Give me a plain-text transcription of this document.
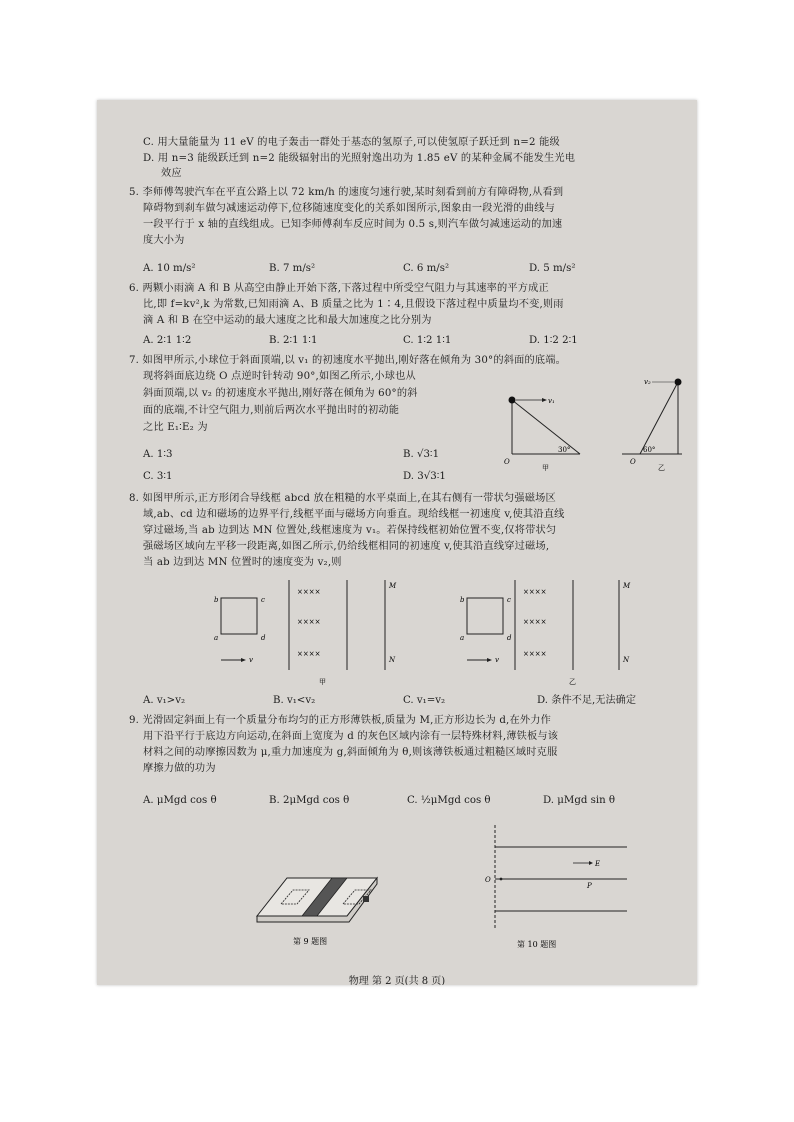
C. 用大量能量为 11 eV 的电子轰击一群处于基态的氢原子,可以使氢原子跃迁到 n=2 能级
D. 用 n=3 能级跃迁到 n=2 能级辐射出的光照射逸出功为 1.85 eV 的某种金属不能发生光电
效应
5. 李师傅驾驶汽车在平直公路上以 72 km/h 的速度匀速行驶,某时刻看到前方有障碍物,从看到
障碍物到刹车做匀减速运动停下,位移随速度变化的关系如图所示,图象由一段光滑的曲线与
一段平行于 x 轴的直线组成。已知李师傅刹车反应时间为 0.5 s,则汽车做匀减速运动的加速
度大小为
A. 10 m/s²	B. 7 m/s²	C. 6 m/s²	D. 5 m/s²
6. 两颗小雨滴 A 和 B 从高空由静止开始下落,下落过程中所受空气阻力与其速率的平方成正
比,即 f=kv²,k 为常数,已知雨滴 A、B 质量之比为 1∶4,且假设下落过程中质量均不变,则雨
滴 A 和 B 在空中运动的最大速度之比和最大加速度之比分别为
A. 2∶1 1∶2	B. 2∶1 1∶1	C. 1∶2 1∶1	D. 1∶2 2∶1
7. 如图甲所示,小球位于斜面顶端,以 v₁ 的初速度水平抛出,刚好落在倾角为 30°的斜面的底端。
现将斜面底边绕 O 点逆时针转动 90°,如图乙所示,小球也从
斜面顶端,以 v₂ 的初速度水平抛出,刚好落在倾角为 60°的斜
面的底端,不计空气阻力,则前后两次水平抛出时的初动能
之比 E₁∶E₂ 为
A. 1∶3	B. √3∶1
C. 3∶1	D. 3√3∶1
v₁
30°
O
甲
v₂
60°
O
乙
8. 如图甲所示,正方形闭合导线框 abcd 放在粗糙的水平桌面上,在其右侧有一带状匀强磁场区
域,ab、cd 边和磁场的边界平行,线框平面与磁场方向垂直。现给线框一初速度 v,使其沿直线
穿过磁场,当 ab 边到达 MN 位置处,线框速度为 v₁。若保持线框初始位置不变,仅将带状匀
强磁场区域向左平移一段距离,如图乙所示,仍给线框相同的初速度 v,使其沿直线穿过磁场,
当 ab 边到达 MN 位置时的速度变为 v₂,则
b	c
a	d
v
××××
××××
××××
M
N
甲
b	c
a	d
v
××××
××××
××××
M
N
乙
A. v₁>v₂	B. v₁<v₂	C. v₁=v₂	D. 条件不足,无法确定
9. 光滑固定斜面上有一个质量分布均匀的正方形薄铁板,质量为 M,正方形边长为 d,在外力作
用下沿平行于底边方向运动,在斜面上宽度为 d 的灰色区域内涂有一层特殊材料,薄铁板与该
材料之间的动摩擦因数为 μ,重力加速度为 g,斜面倾角为 θ,则该薄铁板通过粗糙区域时克服
摩擦力做的功为
A. μMgd cos θ	B. 2μMgd cos θ	C. ½μMgd cos θ	D. μMgd sin θ
第 9 题图
E
O
P
第 10 题图
物理 第 2 页(共 8 页)
